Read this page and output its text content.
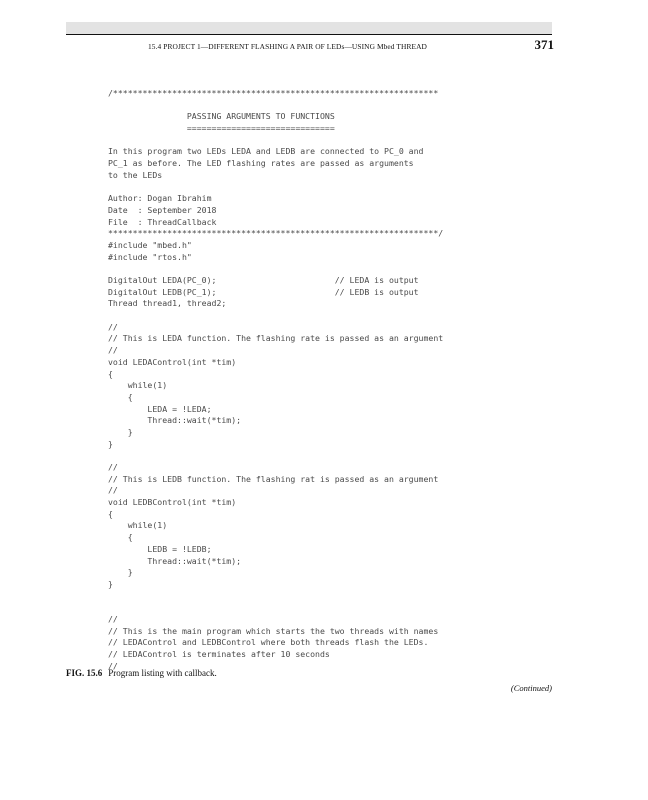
15.4 PROJECT 1—DIFFERENT FLASHING A PAIR OF LEDs—USING Mbed THREAD	371
/******************************************************************
PASSING ARGUMENTS TO FUNCTIONS
==============================
In this program two LEDs LEDA and LEDB are connected to PC_0 and
PC_1 as before. The LED flashing rates are passed as arguments
to the LEDs
Author: Dogan Ibrahim
Date  : September 2018
File  : ThreadCallback
*******************************************************************/
#include "mbed.h"
#include "rtos.h"
DigitalOut LEDA(PC_0);                        // LEDA is output
DigitalOut LEDB(PC_1);                        // LEDB is output
Thread thread1, thread2;
//
// This is LEDA function. The flashing rate is passed as an argument
//
void LEDAControl(int *tim)
{
while(1)
{
LEDA = !LEDA;
Thread::wait(*tim);
}
}
//
// This is LEDB function. The flashing rat is passed as an argument
//
void LEDBControl(int *tim)
{
while(1)
{
LEDB = !LEDB;
Thread::wait(*tim);
}
}
//
// This is the main program which starts the two threads with names
// LEDAControl and LEDBControl where both threads flash the LEDs.
// LEDAControl is terminates after 10 seconds
//
FIG. 15.6 Program listing with callback.
(Continued)
